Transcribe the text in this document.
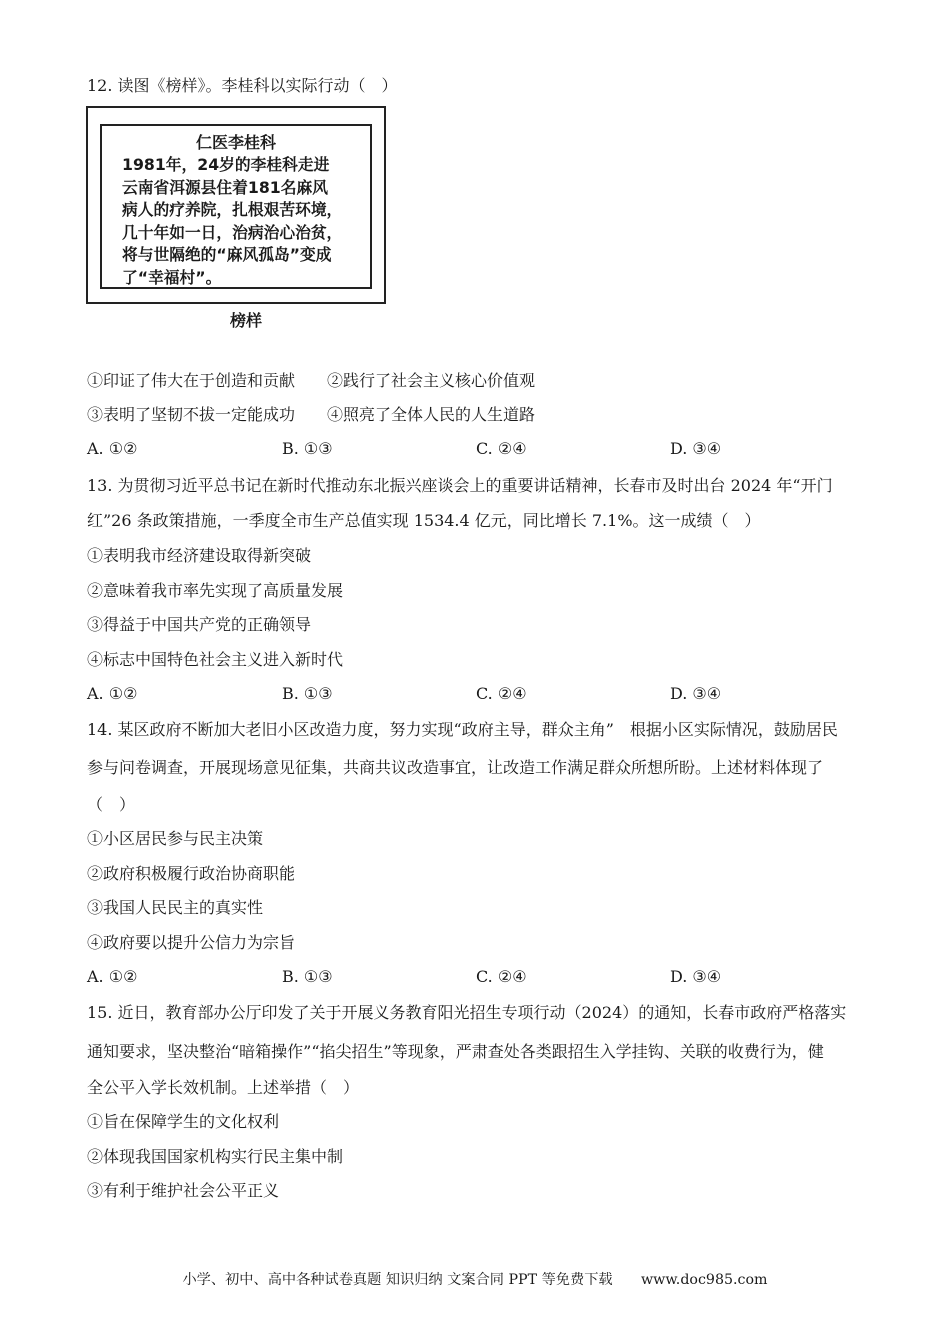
12. 读图《榜样》。李桂科以实际行动（　）
仁医李桂科
1981年，24岁的李桂科走进
云南省洱源县住着181名麻风
病人的疗养院，扎根艰苦环境，
几十年如一日，治病治心治贫，
将与世隔绝的“麻风孤岛”变成
了“幸福村”。
榜样
①印证了伟大在于创造和贡献　　②践行了社会主义核心价值观
③表明了坚韧不拔一定能成功　　④照亮了全体人民的人生道路
A. ①②	B. ①③	C. ②④	D. ③④
13. 为贯彻习近平总书记在新时代推动东北振兴座谈会上的重要讲话精神，长春市及时出台 2024 年“开门
红”26 条政策措施，一季度全市生产总值实现 1534.4 亿元，同比增长 7.1%。这一成绩（　）
①表明我市经济建设取得新突破
②意味着我市率先实现了高质量发展
③得益于中国共产党的正确领导
④标志中国特色社会主义进入新时代
A. ①②	B. ①③	C. ②④	D. ③④
14. 某区政府不断加大老旧小区改造力度，努力实现“政府主导，群众主角”　根据小区实际情况，鼓励居民
参与问卷调查，开展现场意见征集，共商共议改造事宜，让改造工作满足群众所想所盼。上述材料体现了
（　）
①小区居民参与民主决策
②政府积极履行政治协商职能
③我国人民民主的真实性
④政府要以提升公信力为宗旨
A. ①②	B. ①③	C. ②④	D. ③④
15. 近日，教育部办公厅印发了关于开展义务教育阳光招生专项行动（2024）的通知，长春市政府严格落实
通知要求，坚决整治“暗箱操作”“掐尖招生”等现象，严肃查处各类跟招生入学挂钩、关联的收费行为，健
全公平入学长效机制。上述举措（　）
①旨在保障学生的文化权利
②体现我国国家机构实行民主集中制
③有利于维护社会公平正义
小学、初中、高中各种试卷真题 知识归纳 文案合同 PPT 等免费下载　　www.doc985.com
